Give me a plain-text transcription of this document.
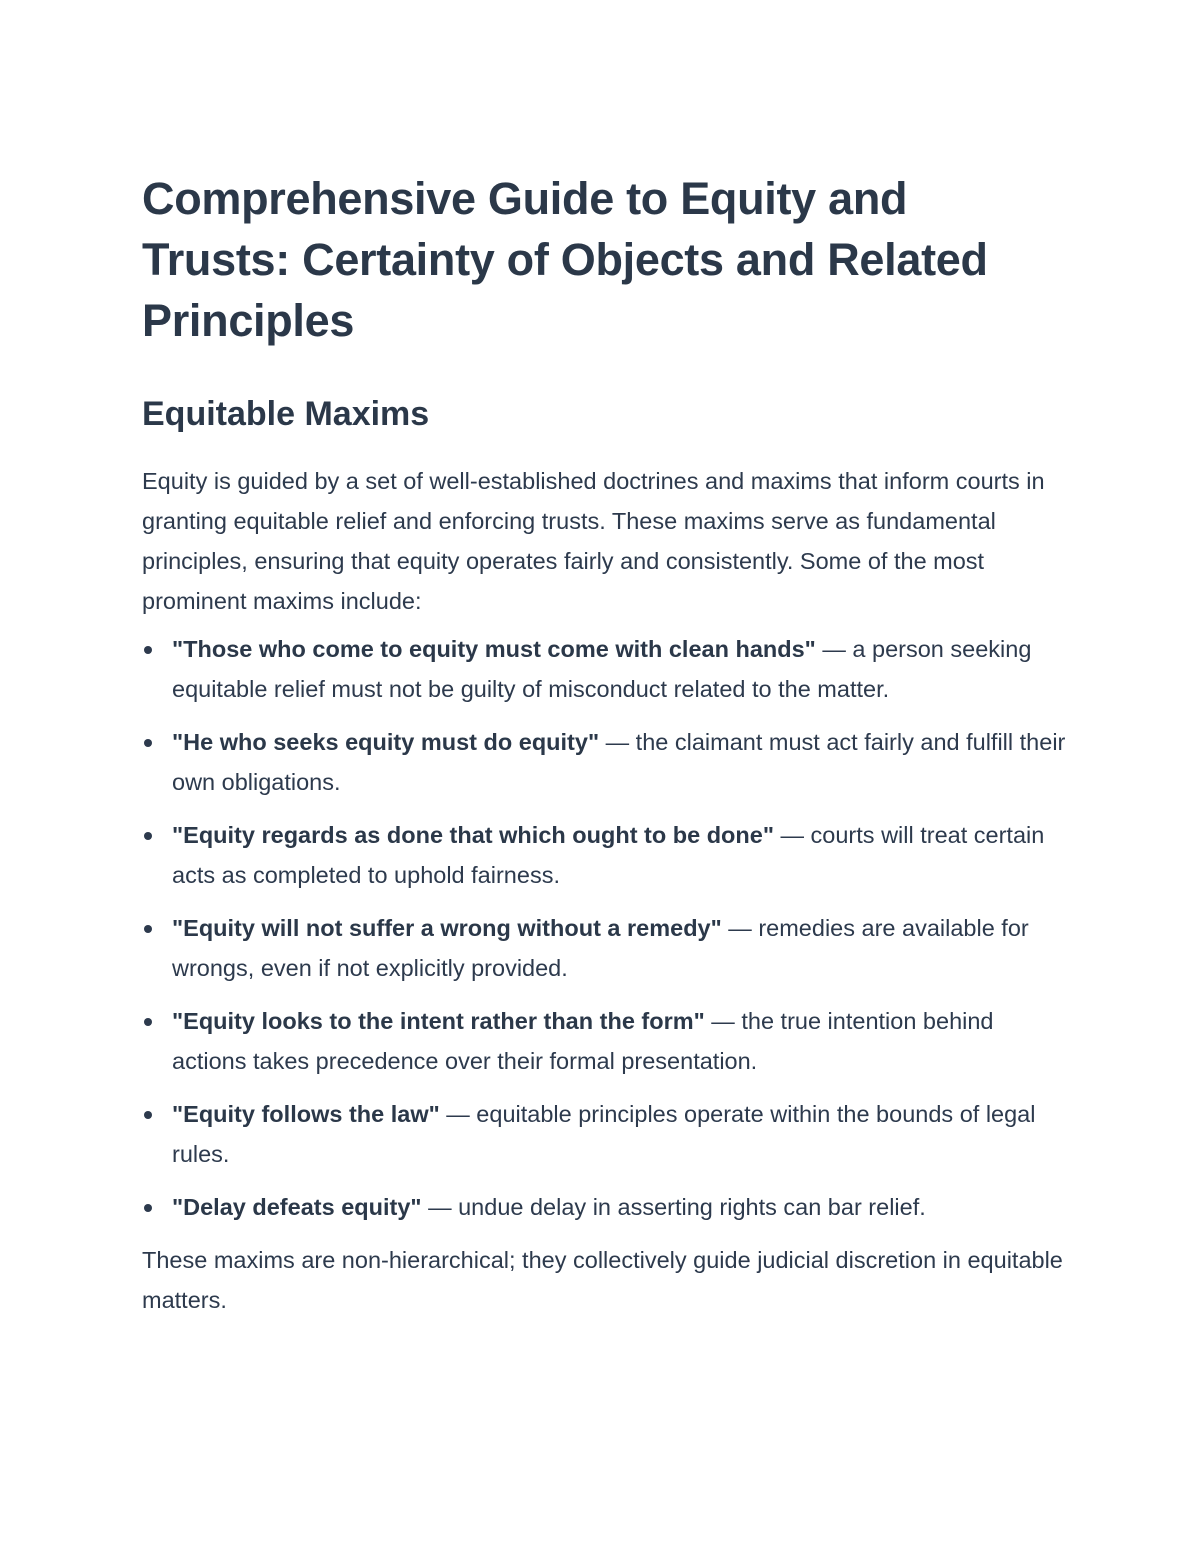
Comprehensive Guide to Equity and Trusts: Certainty of Objects and Related Principles
Equitable Maxims

Equity is guided by a set of well-established doctrines and maxims that inform courts in granting equitable relief and enforcing trusts. These maxims serve as fundamental principles, ensuring that equity operates fairly and consistently. Some of the most prominent maxims include:

"Those who come to equity must come with clean hands" — a person seeking equitable relief must not be guilty of misconduct related to the matter.
"He who seeks equity must do equity" — the claimant must act fairly and fulfill their own obligations.
"Equity regards as done that which ought to be done" — courts will treat certain acts as completed to uphold fairness.
"Equity will not suffer a wrong without a remedy" — remedies are available for wrongs, even if not explicitly provided.
"Equity looks to the intent rather than the form" — the true intention behind actions takes precedence over their formal presentation.
"Equity follows the law" — equitable principles operate within the bounds of legal rules.
"Delay defeats equity" — undue delay in asserting rights can bar relief.

These maxims are non-hierarchical; they collectively guide judicial discretion in equitable matters.
